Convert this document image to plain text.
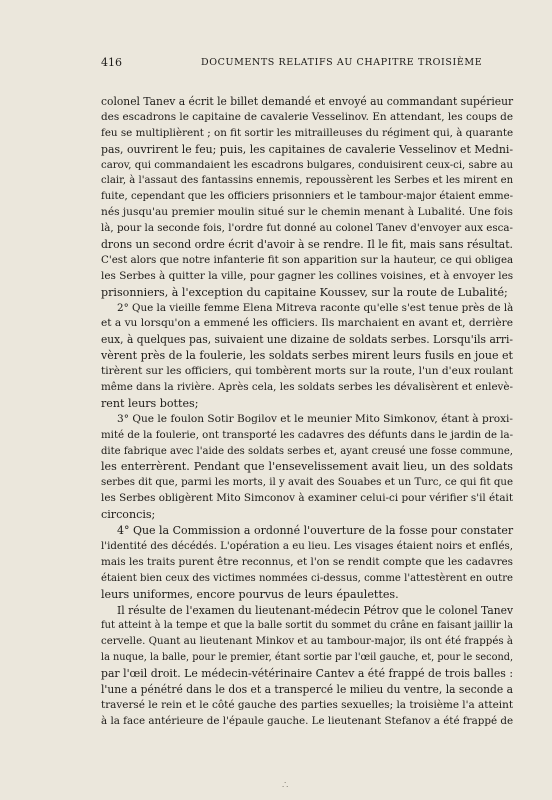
416	DOCUMENTS RELATIFS AU CHAPITRE TROISIÈME
colonel Tanev a écrit le billet demandé et envoyé au commandant supérieur
des escadrons le capitaine de cavalerie Vesselinov. En attendant, les coups de
feu se multiplièrent ; on fit sortir les mitrailleuses du régiment qui, à quarante
pas, ouvrirent le feu; puis, les capitaines de cavalerie Vesselinov et Medni-
carov, qui commandaient les escadrons bulgares, conduisirent ceux-ci, sabre au
clair, à l'assaut des fantassins ennemis, repoussèrent les Serbes et les mirent en
fuite, cependant que les officiers prisonniers et le tambour-major étaient emme-
nés jusqu'au premier moulin situé sur le chemin menant à Lubalité. Une fois
là, pour la seconde fois, l'ordre fut donné au colonel Tanev d'envoyer aux esca-
drons un second ordre écrit d'avoir à se rendre. Il le fit, mais sans résultat.
C'est alors que notre infanterie fit son apparition sur la hauteur, ce qui obligea
les Serbes à quitter la ville, pour gagner les collines voisines, et à envoyer les
prisonniers, à l'exception du capitaine Koussev, sur la route de Lubalité;
2° Que la vieille femme Elena Mitreva raconte qu'elle s'est tenue près de là
et a vu lorsqu'on a emmené les officiers. Ils marchaient en avant et, derrière
eux, à quelques pas, suivaient une dizaine de soldats serbes. Lorsqu'ils arri-
vèrent près de la foulerie, les soldats serbes mirent leurs fusils en joue et
tirèrent sur les officiers, qui tombèrent morts sur la route, l'un d'eux roulant
même dans la rivière. Après cela, les soldats serbes les dévalisèrent et enlevè-
rent leurs bottes;
3° Que le foulon Sotir Bogilov et le meunier Mito Simkonov, étant à proxi-
mité de la foulerie, ont transporté les cadavres des défunts dans le jardin de la-
dite fabrique avec l'aide des soldats serbes et, ayant creusé une fosse commune,
les enterrèrent. Pendant que l'ensevelissement avait lieu, un des soldats
serbes dit que, parmi les morts, il y avait des Souabes et un Turc, ce qui fit que
les Serbes obligèrent Mito Simconov à examiner celui-ci pour vérifier s'il était
circoncis;
4° Que la Commission a ordonné l'ouverture de la fosse pour constater
l'identité des décédés. L'opération a eu lieu. Les visages étaient noirs et enflés,
mais les traits purent être reconnus, et l'on se rendit compte que les cadavres
étaient bien ceux des victimes nommées ci-dessus, comme l'attestèrent en outre
leurs uniformes, encore pourvus de leurs épaulettes.
Il résulte de l'examen du lieutenant-médecin Pétrov que le colonel Tanev
fut atteint à la tempe et que la balle sortit du sommet du crâne en faisant jaillir la
cervelle. Quant au lieutenant Minkov et au tambour-major, ils ont été frappés à
la nuque, la balle, pour le premier, étant sortie par l'œil gauche, et, pour le second,
par l'œil droit. Le médecin-vétérinaire Cantev a été frappé de trois balles :
l'une a pénétré dans le dos et a transpercé le milieu du ventre, la seconde a
traversé le rein et le côté gauche des parties sexuelles; la troisième l'a atteint
à la face antérieure de l'épaule gauche. Le lieutenant Stefanov a été frappé de
∴
